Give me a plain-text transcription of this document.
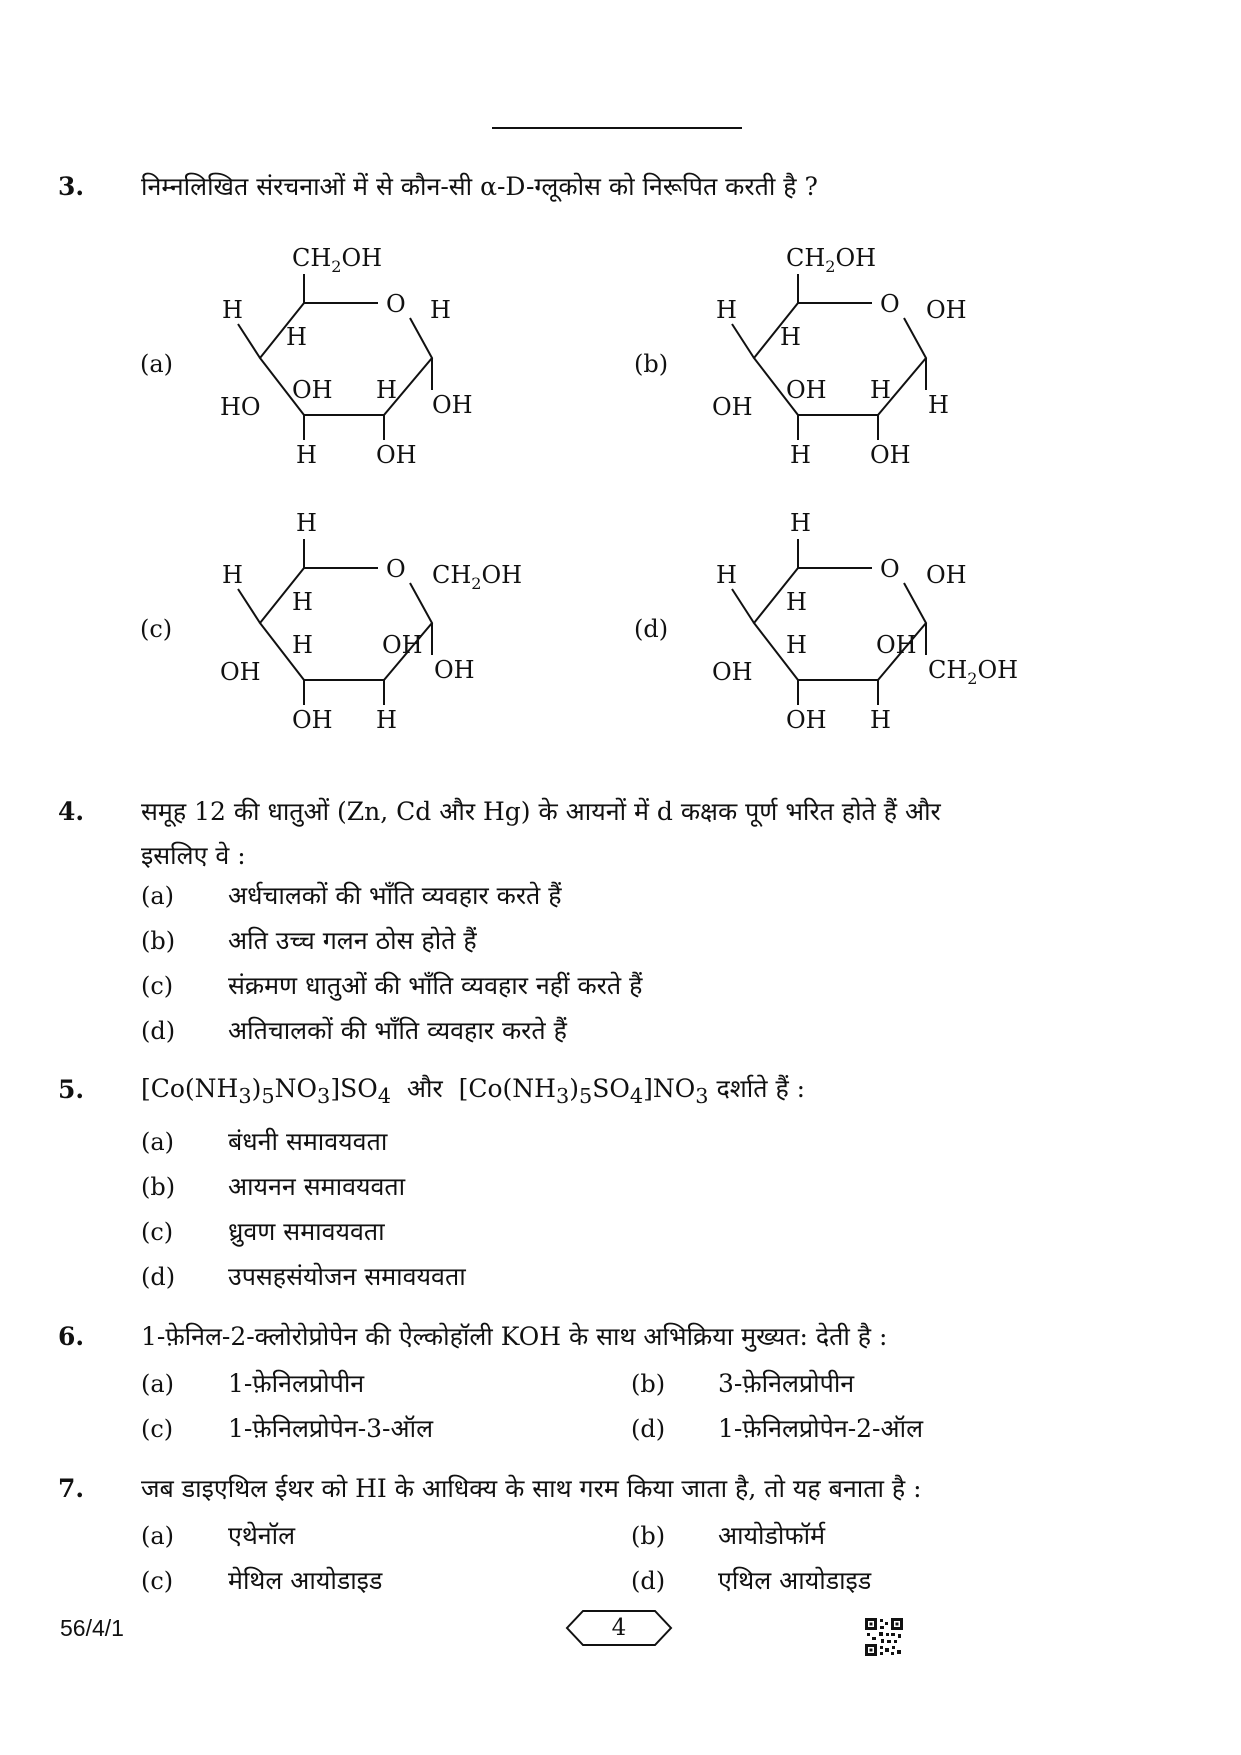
3. निम्नलिखित संरचनाओं में से कौन-सी α-D-ग्लूकोस को निरूपित करती है ?
(a)
$CH_2OH$
O H
H
H
HO
OH
H
H
OH
OH
(b)
$CH_2OH$
O OH
H
H
OH
OH
H
H
OH
H
(c)
H
O $CH_2OH$
H
H
OH
H
OH
OH
H
OH
(d)
H
O OH
H
H
OH
H
OH
OH
H
$CH_2OH$
4. समूह 12 की धातुओं (Zn, Cd और Hg) के आयनों में d कक्षक पूर्ण भरित होते हैं और
इसलिए वे :
(a) अर्धचालकों की भाँति व्यवहार करते हैं
(b) अति उच्च गलन ठोस होते हैं
(c) संक्रमण धातुओं की भाँति व्यवहार नहीं करते हैं
(d) अतिचालकों की भाँति व्यवहार करते हैं
5. $[Co(NH_3)_5NO_3]SO_4$ और $[Co(NH_3)_5SO_4]NO_3$ दर्शाते हैं :
(a) बंधनी समावयवता
(b) आयनन समावयवता
(c) ध्रुवण समावयवता
(d) उपसहसंयोजन समावयवता
6. 1-फ़ेनिल-2-क्लोरोप्रोपेन की ऐल्कोहॉली KOH के साथ अभिक्रिया मुख्यत: देती है :
(a) 1-फ़ेनिलप्रोपीन	(b) 3-फ़ेनिलप्रोपीन
(c) 1-फ़ेनिलप्रोपेन-3-ऑल	(d) 1-फ़ेनिलप्रोपेन-2-ऑल
7. जब डाइएथिल ईथर को HI के आधिक्य के साथ गरम किया जाता है, तो यह बनाता है :
(a) एथेनॉल	(b) आयोडोफॉर्म
(c) मेथिल आयोडाइड	(d) एथिल आयोडाइड
56/4/1	4
